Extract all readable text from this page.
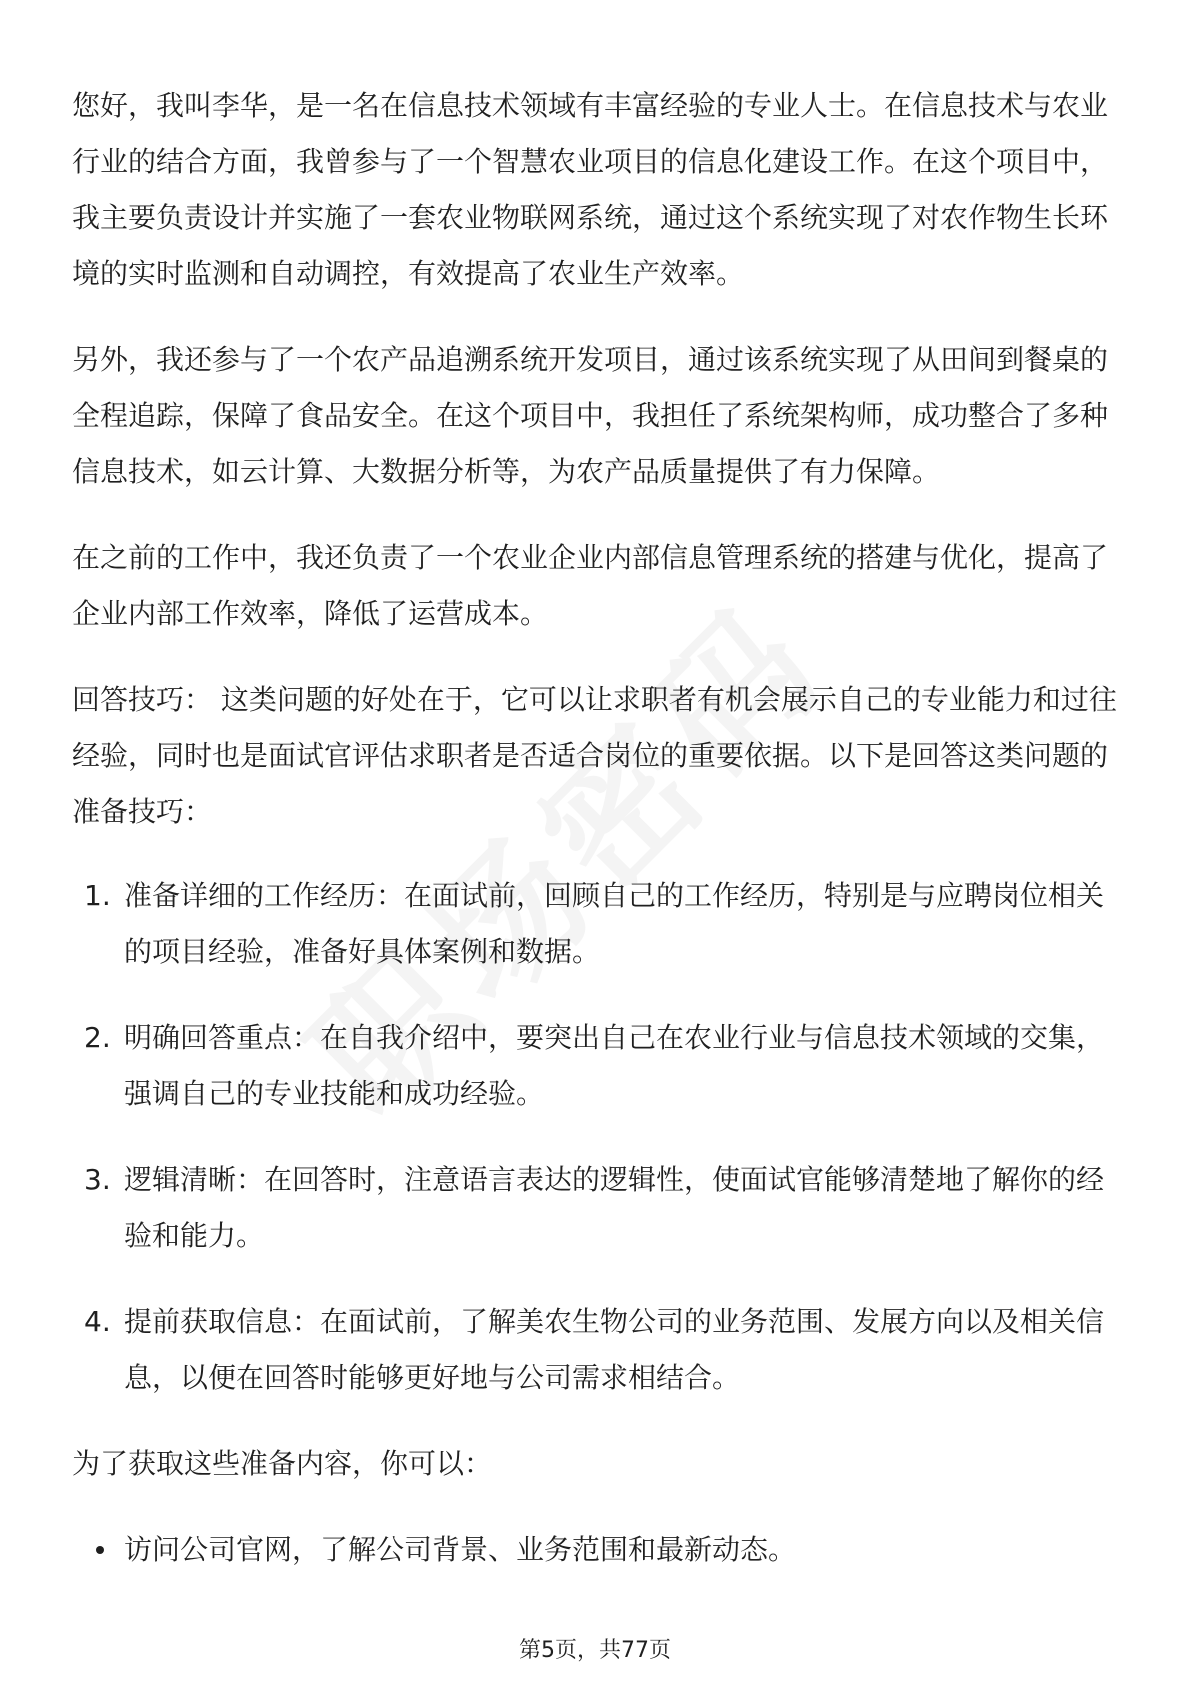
您好，我叫李华，是一名在信息技术领域有丰富经验的专业人士。在信息技术与农业行业的结合方面，我曾参与了一个智慧农业项目的信息化建设工作。在这个项目中，我主要负责设计并实施了一套农业物联网系统，通过这个系统实现了对农作物生长环境的实时监测和自动调控，有效提高了农业生产效率。

另外，我还参与了一个农产品追溯系统开发项目，通过该系统实现了从田间到餐桌的全程追踪，保障了食品安全。在这个项目中，我担任了系统架构师，成功整合了多种信息技术，如云计算、大数据分析等，为农产品质量提供了有力保障。

在之前的工作中，我还负责了一个农业企业内部信息管理系统的搭建与优化，提高了企业内部工作效率，降低了运营成本。

回答技巧： 这类问题的好处在于，它可以让求职者有机会展示自己的专业能力和过往经验，同时也是面试官评估求职者是否适合岗位的重要依据。以下是回答这类问题的准备技巧：

1. 准备详细的工作经历：在面试前，回顾自己的工作经历，特别是与应聘岗位相关的项目经验，准备好具体案例和数据。
2. 明确回答重点：在自我介绍中，要突出自己在农业行业与信息技术领域的交集，强调自己的专业技能和成功经验。
3. 逻辑清晰：在回答时，注意语言表达的逻辑性，使面试官能够清楚地了解你的经验和能力。
4. 提前获取信息：在面试前，了解美农生物公司的业务范围、发展方向以及相关信息，以便在回答时能够更好地与公司需求相结合。

为了获取这些准备内容，你可以：

访问公司官网，了解公司背景、业务范围和最新动态。
第5页，共77页
